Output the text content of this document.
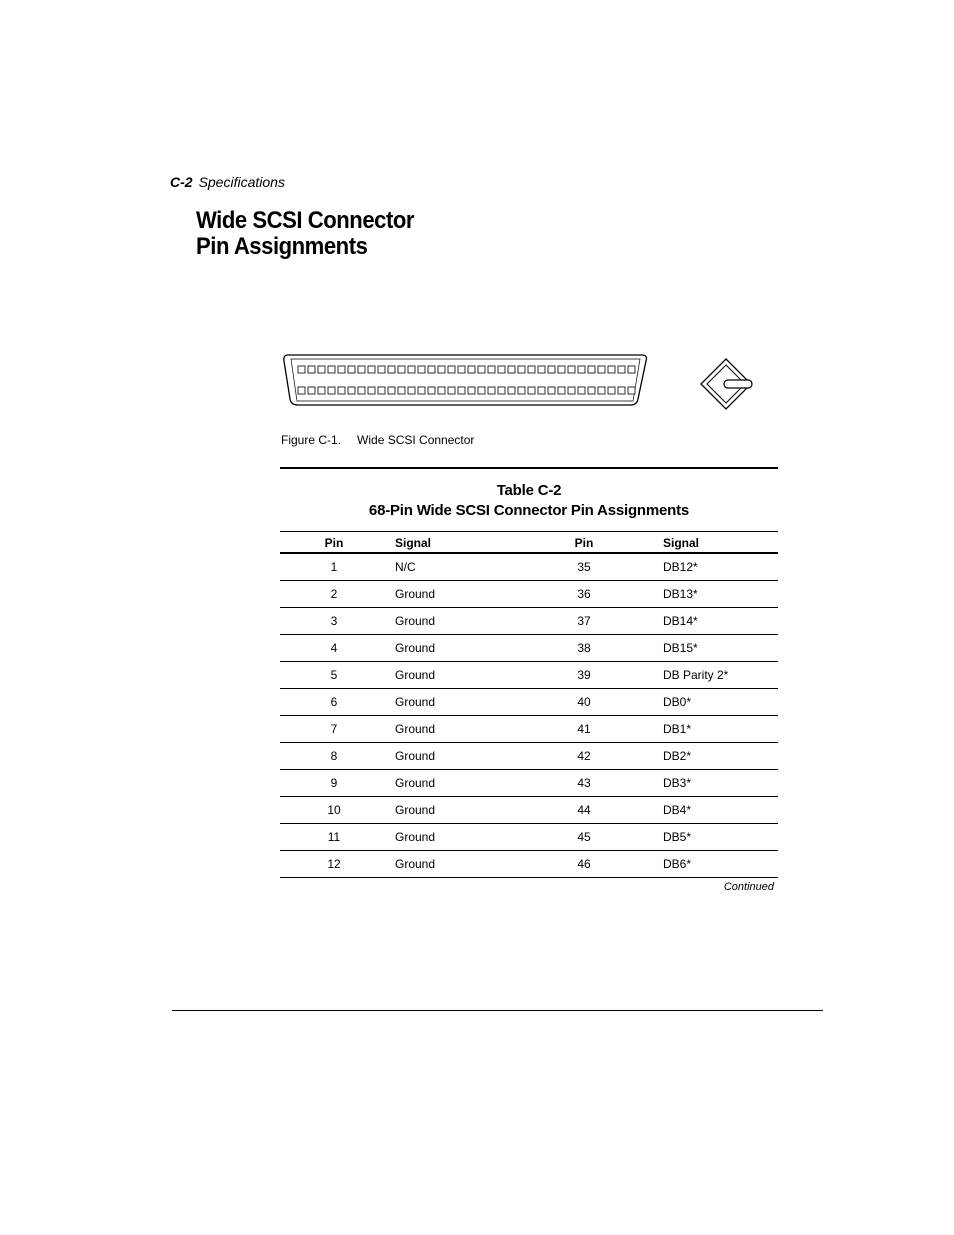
C-2 Specifications
Wide SCSI Connector
Pin Assignments
Figure C-1. Wide SCSI Connector
Table C-2
68-Pin Wide SCSI Connector Pin Assignments
Pin	Signal	Pin	Signal
1	N/C	35	DB12*
2	Ground	36	DB13*
3	Ground	37	DB14*
4	Ground	38	DB15*
5	Ground	39	DB Parity 2*
6	Ground	40	DB0*
7	Ground	41	DB1*
8	Ground	42	DB2*
9	Ground	43	DB3*
10	Ground	44	DB4*
11	Ground	45	DB5*
12	Ground	46	DB6*
Continued
